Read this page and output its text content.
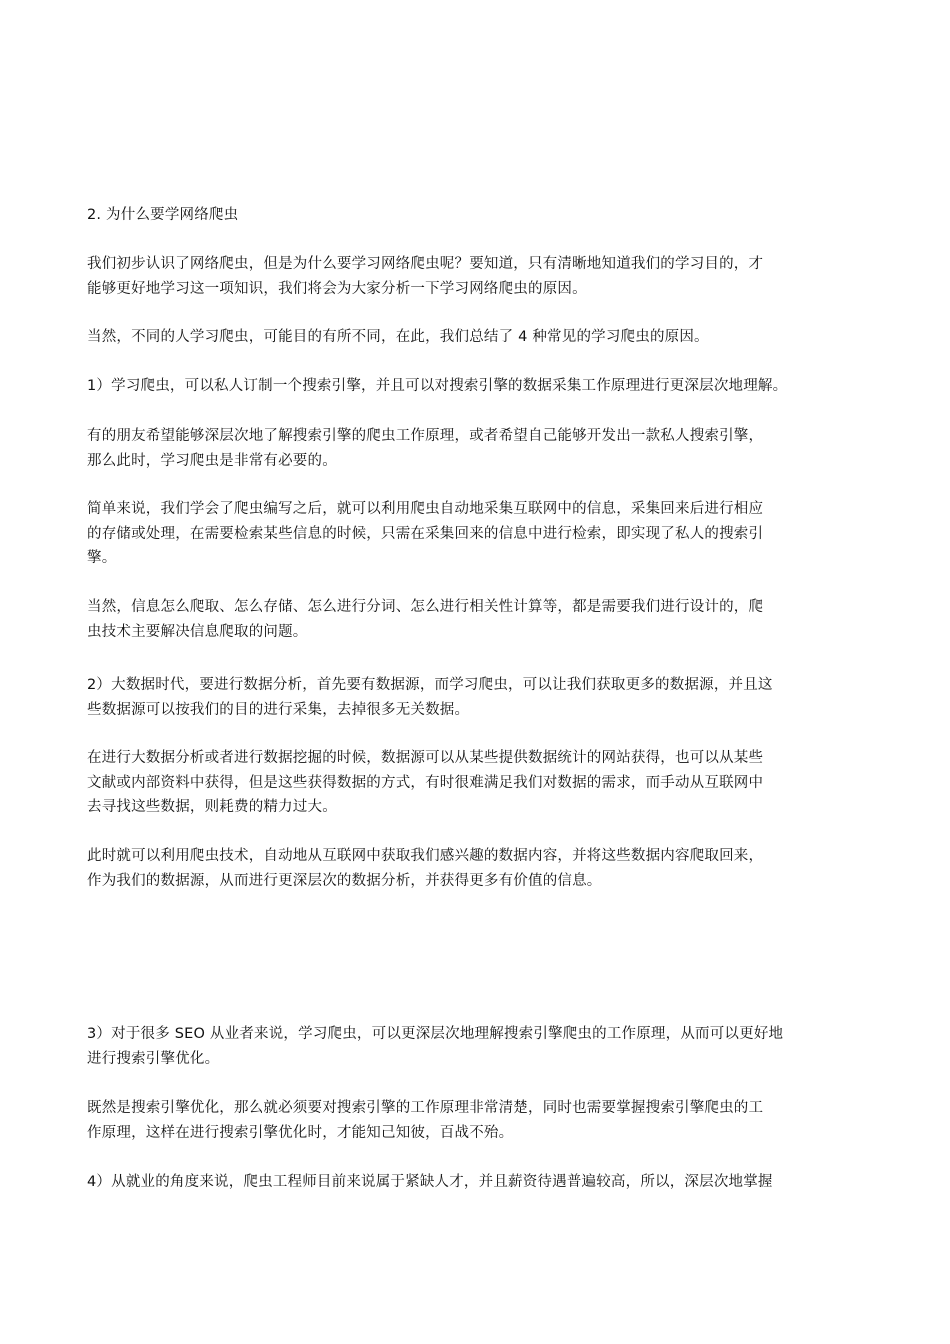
2. 为什么要学网络爬虫

我们初步认识了网络爬虫，但是为什么要学习网络爬虫呢？要知道，只有清晰地知道我们的学习目的，才
能够更好地学习这一项知识，我们将会为大家分析一下学习网络爬虫的原因。

当然，不同的人学习爬虫，可能目的有所不同，在此，我们总结了 4 种常见的学习爬虫的原因。

1）学习爬虫，可以私人订制一个搜索引擎，并且可以对搜索引擎的数据采集工作原理进行更深层次地理解。

有的朋友希望能够深层次地了解搜索引擎的爬虫工作原理，或者希望自己能够开发出一款私人搜索引擎，
那么此时，学习爬虫是非常有必要的。

简单来说，我们学会了爬虫编写之后，就可以利用爬虫自动地采集互联网中的信息，采集回来后进行相应
的存储或处理，在需要检索某些信息的时候，只需在采集回来的信息中进行检索，即实现了私人的搜索引
擎。

当然，信息怎么爬取、怎么存储、怎么进行分词、怎么进行相关性计算等，都是需要我们进行设计的，爬
虫技术主要解决信息爬取的问题。

2）大数据时代，要进行数据分析，首先要有数据源，而学习爬虫，可以让我们获取更多的数据源，并且这
些数据源可以按我们的目的进行采集，去掉很多无关数据。

在进行大数据分析或者进行数据挖掘的时候，数据源可以从某些提供数据统计的网站获得，也可以从某些
文献或内部资料中获得，但是这些获得数据的方式，有时很难满足我们对数据的需求，而手动从互联网中
去寻找这些数据，则耗费的精力过大。

此时就可以利用爬虫技术，自动地从互联网中获取我们感兴趣的数据内容，并将这些数据内容爬取回来，
作为我们的数据源，从而进行更深层次的数据分析，并获得更多有价值的信息。

3）对于很多 SEO 从业者来说，学习爬虫，可以更深层次地理解搜索引擎爬虫的工作原理，从而可以更好地
进行搜索引擎优化。

既然是搜索引擎优化，那么就必须要对搜索引擎的工作原理非常清楚，同时也需要掌握搜索引擎爬虫的工
作原理，这样在进行搜索引擎优化时，才能知己知彼，百战不殆。

4）从就业的角度来说，爬虫工程师目前来说属于紧缺人才，并且薪资待遇普遍较高，所以，深层次地掌握
